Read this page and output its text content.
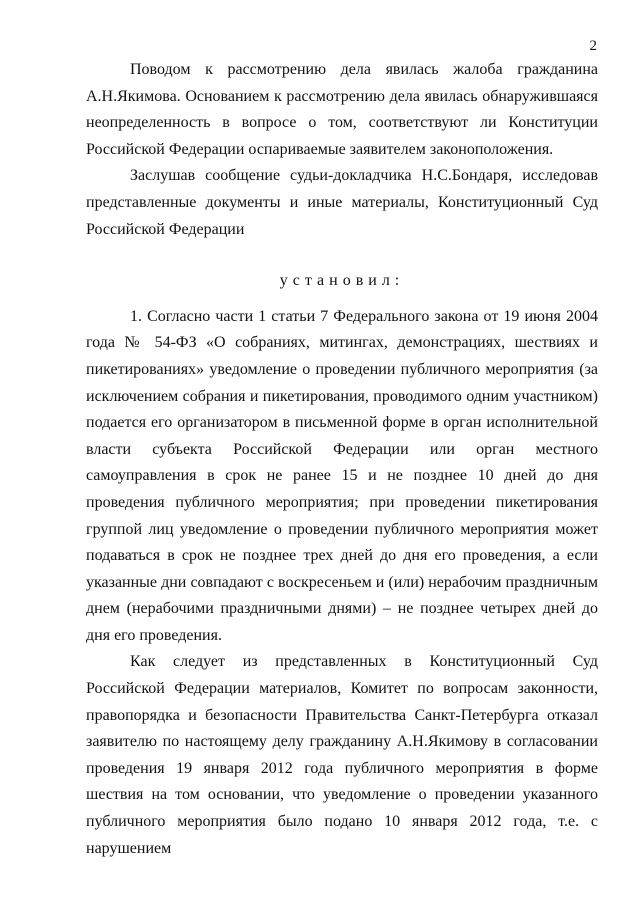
2

Поводом к рассмотрению дела явилась жалоба гражданина А.Н.Якимова. Основанием к рассмотрению дела явилась обнаружившаяся неопределенность в вопросе о том, соответствуют ли Конституции Российской Федерации оспариваемые заявителем законоположения.

Заслушав сообщение судьи-докладчика Н.С.Бондаря, исследовав представленные документы и иные материалы, Конституционный Суд Российской Федерации

установил:

1. Согласно части 1 статьи 7 Федерального закона от 19 июня 2004 года № 54-ФЗ «О собраниях, митингах, демонстрациях, шествиях и пикетированиях» уведомление о проведении публичного мероприятия (за исключением собрания и пикетирования, проводимого одним участником) подается его организатором в письменной форме в орган исполнительной власти субъекта Российской Федерации или орган местного самоуправления в срок не ранее 15 и не позднее 10 дней до дня проведения публичного мероприятия; при проведении пикетирования группой лиц уведомление о проведении публичного мероприятия может подаваться в срок не позднее трех дней до дня его проведения, а если указанные дни совпадают с воскресеньем и (или) нерабочим праздничным днем (нерабочими праздничными днями) – не позднее четырех дней до дня его проведения.

Как следует из представленных в Конституционный Суд Российской Федерации материалов, Комитет по вопросам законности, правопорядка и безопасности Правительства Санкт-Петербурга отказал заявителю по настоящему делу гражданину А.Н.Якимову в согласовании проведения 19 января 2012 года публичного мероприятия в форме шествия на том основании, что уведомление о проведении указанного публичного мероприятия было подано 10 января 2012 года, т.е. с нарушением
